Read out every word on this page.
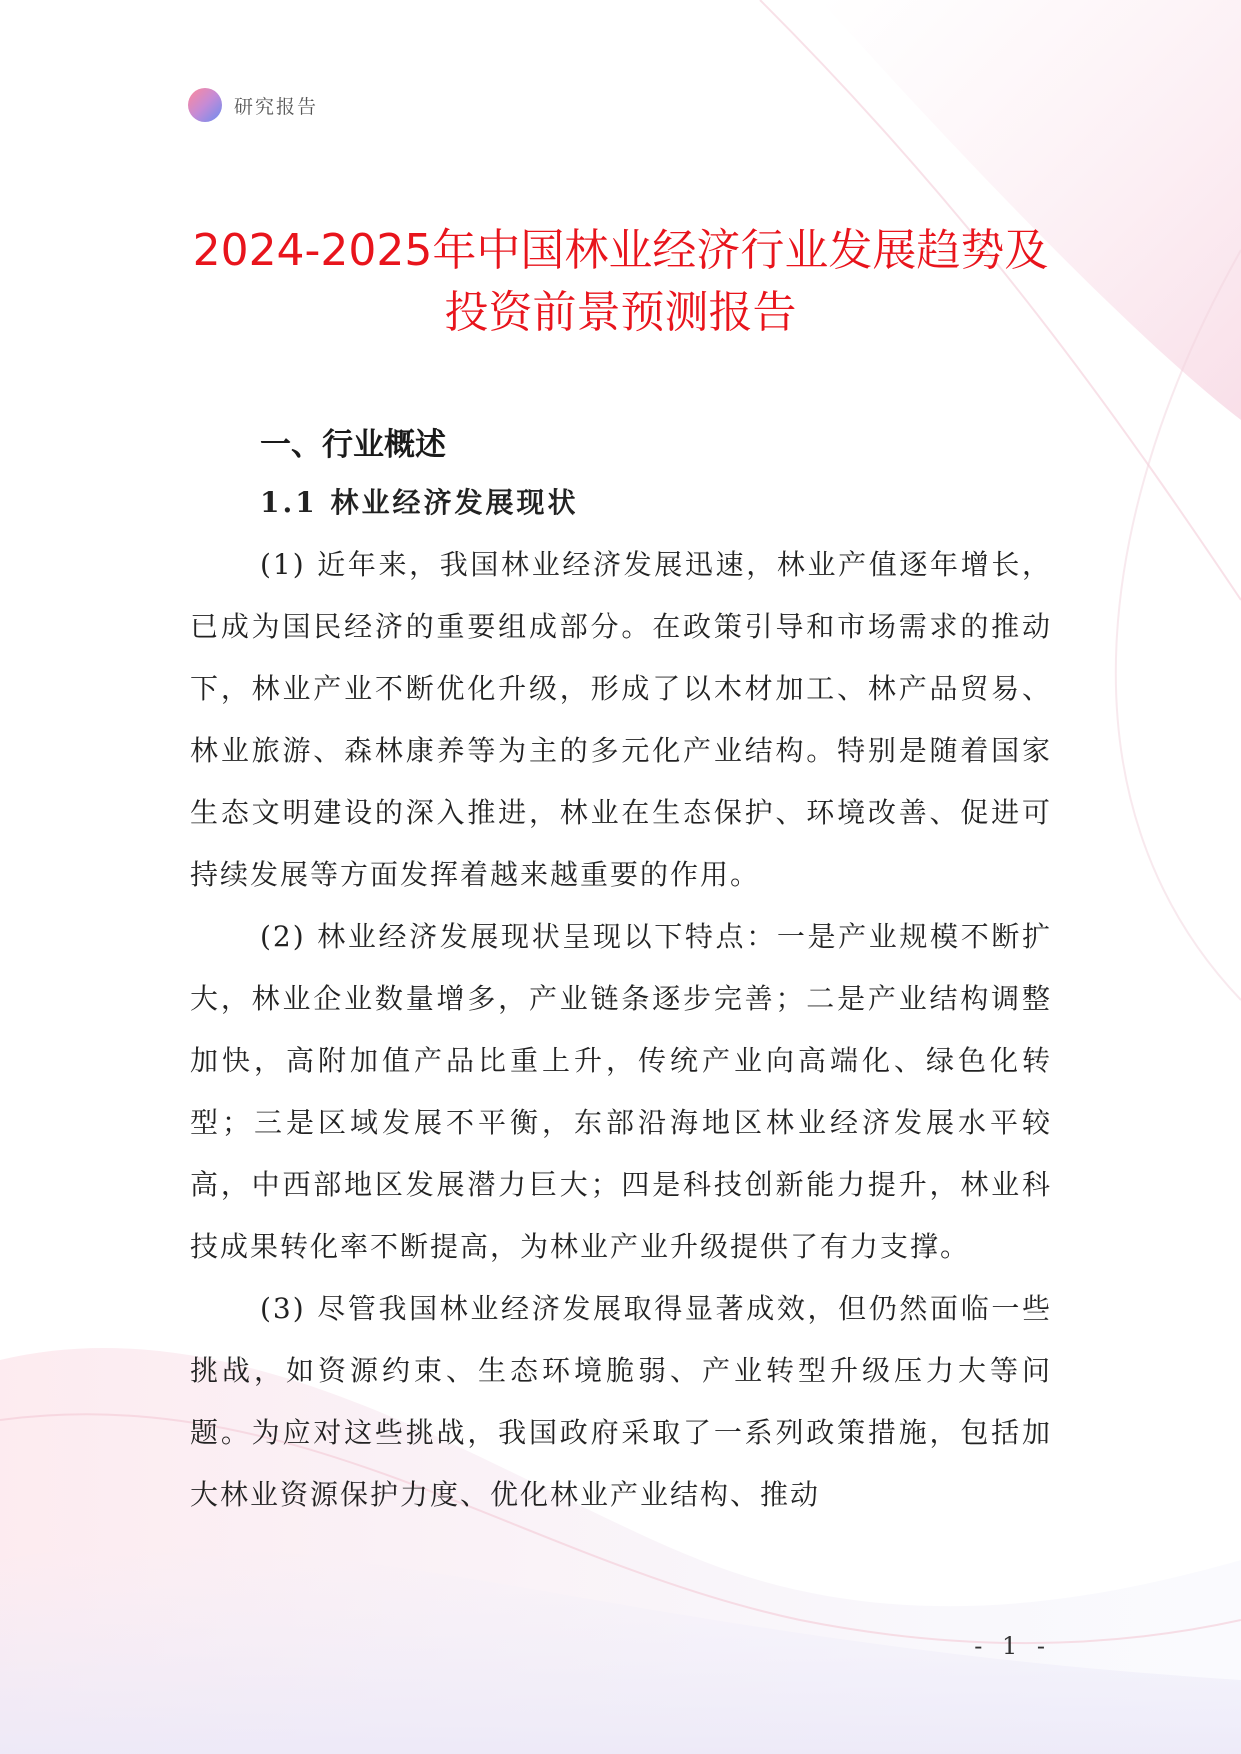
研究报告
2024-2025年中国林业经济行业发展趋势及
投资前景预测报告
一、行业概述
1.1 林业经济发展现状

(1) 近年来，我国林业经济发展迅速，林业产值逐年增长，已成为国民经济的重要组成部分。在政策引导和市场需求的推动下，林业产业不断优化升级，形成了以木材加工、林产品贸易、林业旅游、森林康养等为主的多元化产业结构。特别是随着国家生态文明建设的深入推进，林业在生态保护、环境改善、促进可持续发展等方面发挥着越来越重要的作用。

(2) 林业经济发展现状呈现以下特点：一是产业规模不断扩大，林业企业数量增多，产业链条逐步完善；二是产业结构调整加快，高附加值产品比重上升，传统产业向高端化、绿色化转型；三是区域发展不平衡，东部沿海地区林业经济发展水平较高，中西部地区发展潜力巨大；四是科技创新能力提升，林业科技成果转化率不断提高，为林业产业升级提供了有力支撑。

(3) 尽管我国林业经济发展取得显著成效，但仍然面临一些挑战，如资源约束、生态环境脆弱、产业转型升级压力大等问题。为应对这些挑战，我国政府采取了一系列政策措施，包括加大林业资源保护力度、优化林业产业结构、推动

- 1 -
